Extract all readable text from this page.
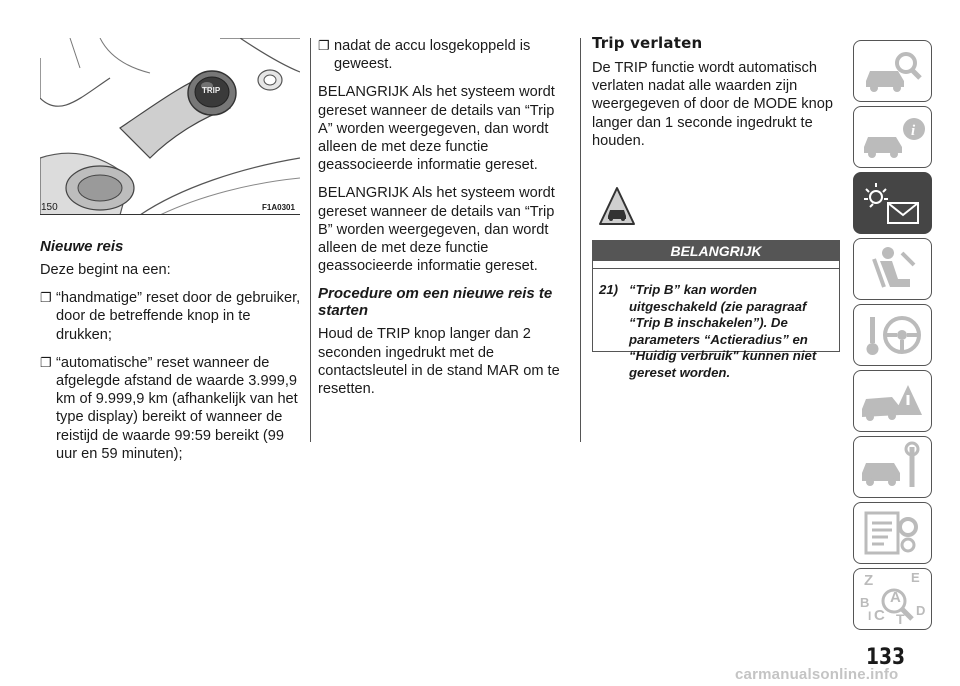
TRIP
150	F1A0301
Nieuwe reis

Deze begint na een:

❐ “handmatige” reset door de gebruiker, door de betreffende knop in te drukken;
❐ “automatische” reset wanneer de afgelegde afstand de waarde 3.999,9 km of 9.999,9 km (afhankelijk van het type display) bereikt of wanneer de reistijd de waarde 99:59 bereikt (99 uur en 59 minuten);
❐ nadat de accu losgekoppeld is geweest.

BELANGRIJK Als het systeem wordt gereset wanneer de details van “Trip A” worden weergegeven, dan wordt alleen de met deze functie geassocieerde informatie gereset.

BELANGRIJK Als het systeem wordt gereset wanneer de details van “Trip B” worden weergegeven, dan wordt alleen de met deze functie geassocieerde informatie gereset.

Procedure om een nieuwe reis te starten

Houd de TRIP knop langer dan 2 seconden ingedrukt met de contactsleutel in de stand MAR om te resetten.

Trip verlaten

De TRIP functie wordt automatisch verlaten nadat alle waarden zijn weergegeven of door de MODE knop langer dan 1 seconde ingedrukt te houden.

BELANGRIJK
21) “Trip B” kan worden uitgeschakeld (zie paragraaf “Trip B inschakelen”). De parameters “Actieradius” en “Huidig verbruik" kunnen niet gereset worden.
i
Z	E
A
B
C T
D
I
133
carmanualsonline.info
